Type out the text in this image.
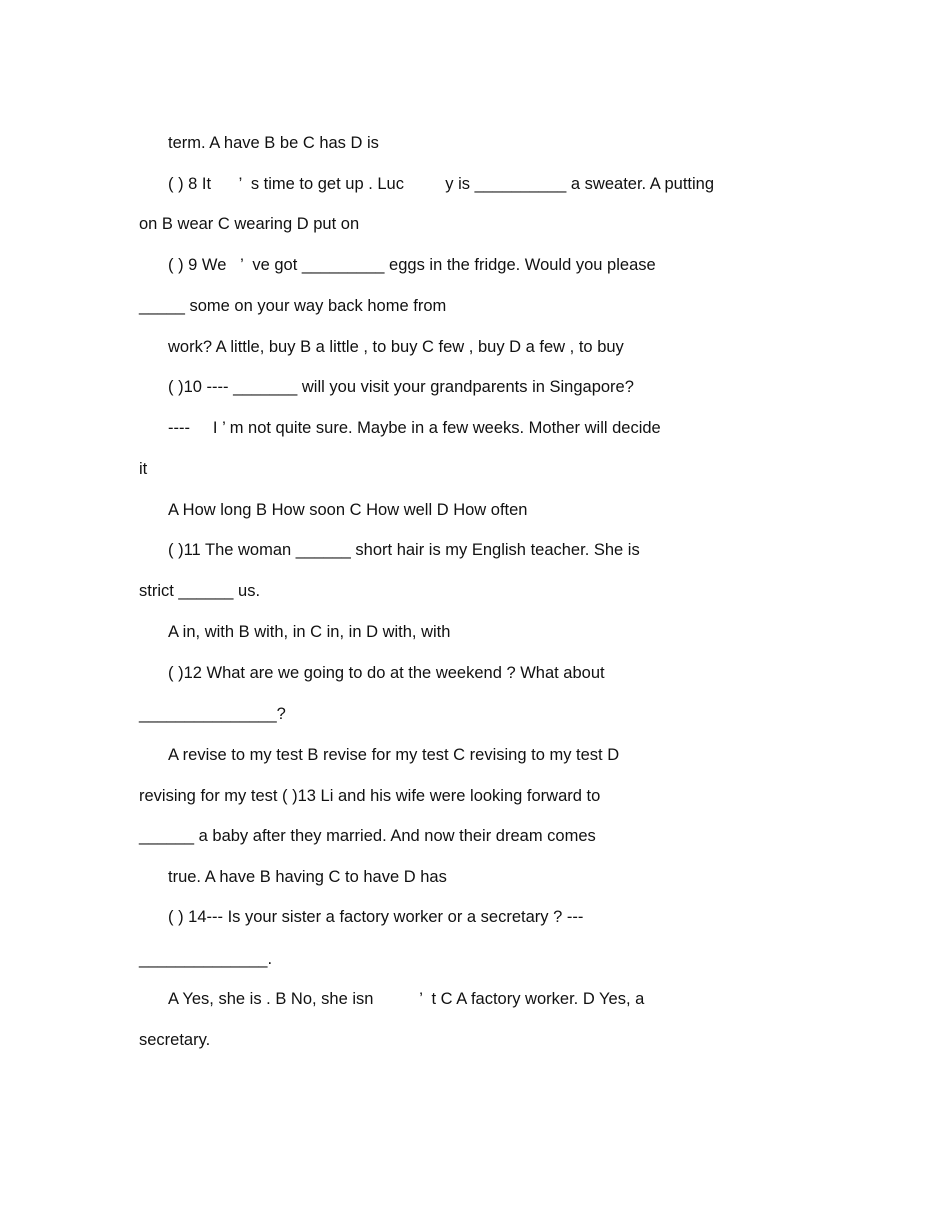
term. A have B be C has D is
( ) 8 It      ’  s time to get up . Luc         y is __________ a sweater. A putting
on B wear C wearing D put on
( ) 9 We   ’  ve got _________ eggs in the fridge. Would you please
_____ some on your way back home from
work? A little, buy B a little , to buy C few , buy D a few , to buy
( )10 ---- _______ will you visit your grandparents in Singapore?
----     I ’ m not quite sure. Maybe in a few weeks. Mother will decide
it
A How long B How soon C How well D How often
( )11 The woman ______ short hair is my English teacher. She is
strict ______ us.
A in, with B with, in C in, in D with, with
( )12 What are we going to do at the weekend ? What about
_______________?
A revise to my test B revise for my test C revising to my test D
revising for my test ( )13 Li and his wife were looking forward to
______ a baby after they married. And now their dream comes
true. A have B having C to have D has
( ) 14--- Is your sister a factory worker or a secretary ? ---
______________.
A Yes, she is . B No, she isn          ’  t C A factory worker. D Yes, a
secretary.
